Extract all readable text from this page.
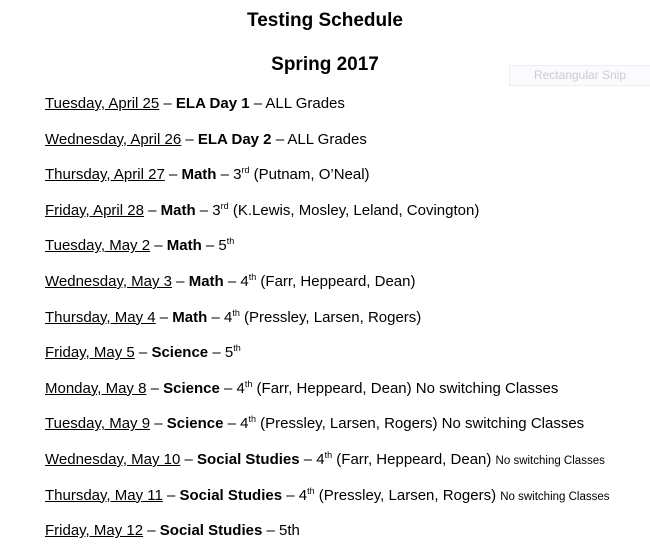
Testing Schedule
Spring 2017	Rectangular Snip
Tuesday, April 25 – ELA Day 1 – ALL Grades
Wednesday, April 26 – ELA Day 2 – ALL Grades
Thursday, April 27 – Math – 3rd (Putnam, O’Neal)
Friday, April 28 – Math – 3rd (K.Lewis, Mosley, Leland, Covington)
Tuesday, May 2 – Math – 5th
Wednesday, May 3 – Math – 4th (Farr, Heppeard, Dean)
Thursday, May 4 – Math – 4th (Pressley, Larsen, Rogers)
Friday, May 5 – Science – 5th
Monday, May 8 – Science – 4th (Farr, Heppeard, Dean) No switching Classes
Tuesday, May 9 – Science – 4th (Pressley, Larsen, Rogers) No switching Classes
Wednesday, May 10 – Social Studies – 4th (Farr, Heppeard, Dean) No switching Classes
Thursday, May 11 – Social Studies – 4th (Pressley, Larsen, Rogers) No switching Classes
Friday, May 12 – Social Studies – 5th
